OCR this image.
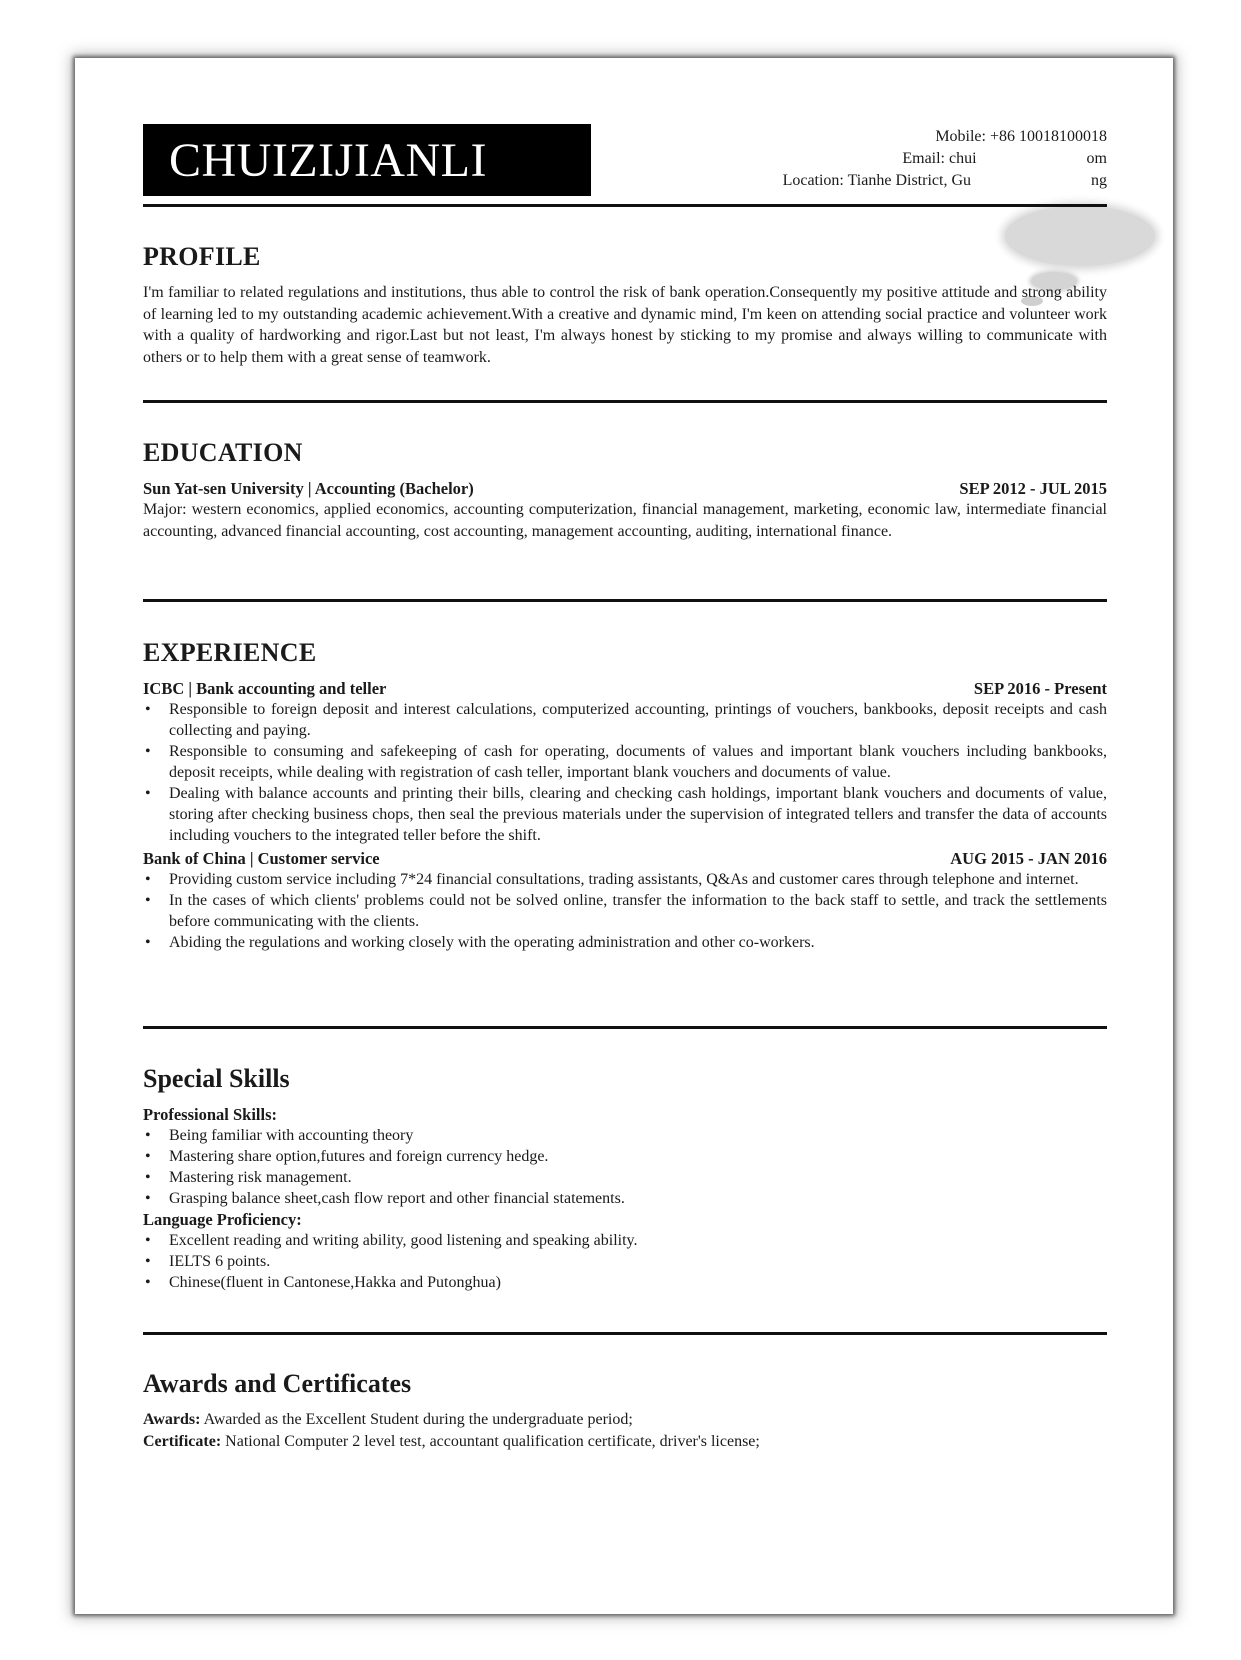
CHUIZIJIANLI	Mobile: +86 10018100018
Email: chui	om
Location: Tianhe District, Gu	ng
PROFILE

I'm familiar to related regulations and institutions, thus able to control the risk of bank operation.Consequently my positive attitude and strong ability of learning led to my outstanding academic achievement.With a creative and dynamic mind, I'm keen on attending social practice and volunteer work with a quality of hardworking and rigor.Last but not least, I'm always honest by sticking to my promise and always willing to communicate with others or to help them with a great sense of teamwork.

EDUCATION
Sun Yat-sen University | Accounting (Bachelor)	SEP 2012 - JUL 2015

Major: western economics, applied economics, accounting computerization, financial management, marketing, economic law, intermediate financial accounting, advanced financial accounting, cost accounting, management accounting, auditing, international finance.

EXPERIENCE
ICBC | Bank accounting and teller	SEP 2016 - Present
• Responsible to foreign deposit and interest calculations, computerized accounting, printings of vouchers, bankbooks, deposit receipts and cash collecting and paying.
• Responsible to consuming and safekeeping of cash for operating, documents of values and important blank vouchers including bankbooks, deposit receipts, while dealing with registration of cash teller, important blank vouchers and documents of value.
• Dealing with balance accounts and printing their bills, clearing and checking cash holdings, important blank vouchers and documents of value, storing after checking business chops, then seal the previous materials under the supervision of integrated tellers and transfer the data of accounts including vouchers to the integrated teller before the shift.
Bank of China | Customer service	AUG 2015 - JAN 2016
• Providing custom service including 7*24 financial consultations, trading assistants, Q&As and customer cares through telephone and internet.
• In the cases of which clients' problems could not be solved online, transfer the information to the back staff to settle, and track the settlements before communicating with the clients.
• Abiding the regulations and working closely with the operating administration and other co-workers.
Special Skills
Professional Skills:
• Being familiar with accounting theory
• Mastering share option,futures and foreign currency hedge.
• Mastering risk management.
• Grasping balance sheet,cash flow report and other financial statements.
Language Proficiency:
• Excellent reading and writing ability, good listening and speaking ability.
• IELTS 6 points.
• Chinese(fluent in Cantonese,Hakka and Putonghua)
Awards and Certificates
Awards: Awarded as the Excellent Student during the undergraduate period;
Certificate: National Computer 2 level test, accountant qualification certificate, driver's license;
